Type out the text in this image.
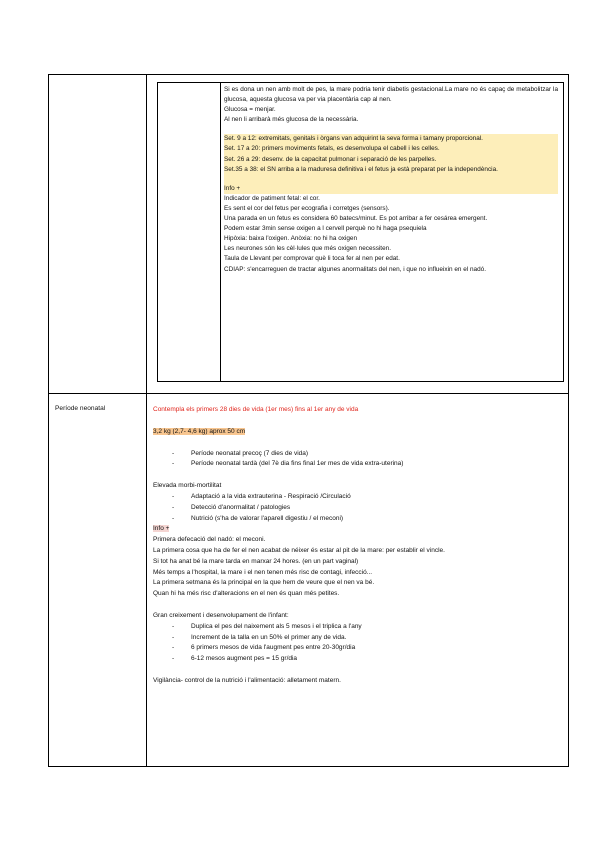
Si es dona un nen amb molt de pes, la mare podria tenir diabetis gestacional.La mare no és capaç de metabolitzar la glucosa, aquesta glucosa va per via placentària cap al nen.

Glucosa = menjar.

Al nen li arribarà més glucosa de la necessària.

Set. 9 a 12: extremitats, genitals i òrgans van adquirint la seva forma i tamany proporcional.

Set. 17 a 20: primers moviments fetals, es desenvolupa el cabell i les celles.

Set. 26 a 29: desenv. de la capacitat pulmonar i separació de les parpelles.

Set.35 a 38: el SN arriba a la maduresa definitiva i el fetus ja està preparat per la independència.

Info +

Indicador de patiment fetal: el cor.

Es sent el cor del fetus per ecografia i corretges (sensors).

Una parada en un fetus es considera 60 batecs/minut. Es pot arribar a fer cesárea emergent.

Podem estar 3min sense oxigen a l cervell perquè no hi haga psequiela

Hipòxia: baixa l'oxigen. Anòxia: no hi ha oxigen

Les neurones són les cèl·lules que més oxigen necessiten.

Taula de Llevant per comprovar què li toca fer al nen per edat.

CDIAP: s'encarreguen de tractar algunes anormalitats del nen, i que no influeixin en el nadó.

Període neonatal	Contempla els primers 28 dies de vida (1er mes) fins al 1er any de vida

3,2 kg (2,7- 4,6 kg) aprox 50 cm

- Període neonatal precoç (7 dies de vida)
- Període neonatal tardà (del 7è dia fins final 1er mes de vida extra-uterina)

Elevada morbi-mortilitat

- Adaptació a la vida extrauterina - Respiració /Circulació
- Detecció d'anormalitat / patologies
- Nutrició (s'ha de valorar l'aparell digestiu / el meconi)

Info +

Primera defecació del nadó: el meconi.

La primera cosa que ha de fer el nen acabat de néixer és estar al pit de la mare: per establir el vincle.

Si tot ha anat bé la mare tarda en marxar 24 hores. (en un part vaginal)

Més temps a l'hospital, la mare i el nen tenen més risc de contagi, infecció...

La primera setmana és la principal en la que hem de veure que el nen va bé.

Quan hi ha més risc d'alteracions en el nen és quan més petites.

Gran creixement i desenvolupament de l'infant:

- Duplica el pes del naixement als 5 mesos i el triplica a l'any
- Increment de la talla en un 50% el primer any de vida.
- 6 primers mesos de vida l'augment pes entre 20-30gr/dia
- 6-12 mesos augment pes = 15 gr/dia

Vigilància- control de la nutrició i l'alimentació: alletament matern.
